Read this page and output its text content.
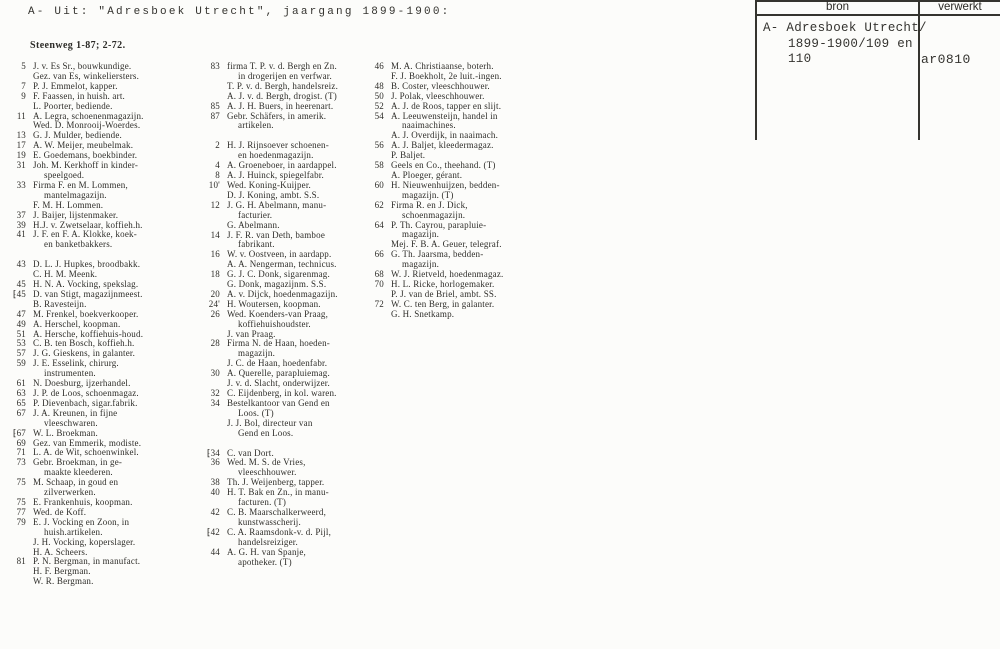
A- Uit: "Adresboek Utrecht", jaargang 1899-1900:
Steenweg 1-87; 2-72.
5 J. v. Es Sr., bouwkundige.
Gez. van Es, winkeliersters.
7 P. J. Emmelot, kapper.
9 F. Faassen, in huish. art.
L. Poorter, bediende.
11 A. Legra, schoenenmagazijn.
Wed. D. Monrooij-Woerdes.
13 G. J. Mulder, bediende.
17 A. W. Meijer, meubelmak.
19 E. Goedemans, boekbinder.
31 Joh. M. Kerkhoff in kinder-
speelgoed.
33 Firma F. en M. Lommen,
mantelmagazijn.
F. M. H. Lommen.
37 J. Baijer, lijstenmaker.
39 H.J. v. Zwetselaar, koffieh.h.
41 J. F. en F. A. Klokke, koek-
en banketbakkers.
43 D. L. J. Hupkes, broodbakk.
C. H. M. Meenk.
45 H. N. A. Vocking, spekslag.
⁅45 D. van Stigt, magazijnmeest.
B. Ravesteijn.
47 M. Frenkel, boekverkooper.
49 A. Herschel, koopman.
51 A. Hersche, koffiehuis-houd.
53 C. B. ten Bosch, koffieh.h.
57 J. G. Gieskens, in galanter.
59 J. E. Esselink, chirurg.
instrumenten.
61 N. Doesburg, ijzerhandel.
63 J. P. de Loos, schoenmagaz.
65 P. Dievenbach, sigar.fabrik.
67 J. A. Kreunen, in fijne
vleeschwaren.
⁅67 W. L. Broekman.
69 Gez. van Emmerik, modiste.
71 L. A. de Wit, schoenwinkel.
73 Gebr. Broekman, in ge-
maakte kleederen.
75 M. Schaap, in goud en
zilverwerken.
75 E. Frankenhuis, koopman.
77 Wed. de Koff.
79 E. J. Vocking en Zoon, in
huish.artikelen.
J. H. Vocking, koperslager.
H. A. Scheers.
81 P. N. Bergman, in manufact.
H. F. Bergman.
W. R. Bergman.
83 firma T. P. v. d. Bergh en Zn.
in drogerijen en verfwar.
T. P. v. d. Bergh, handelsreiz.
A. J. v. d. Bergh, drogist. (T)
85 A. J. H. Buers, in heerenart.
87 Gebr. Schäfers, in amerik.
artikelen.
2 H. J. Rijnsoever schoenen-
en hoedenmagazijn.
4 A. Groeneboer, in aardappel.
8 A. J. Huinck, spiegelfabr.
10' Wed. Koning-Kuijper.
D. J. Koning, ambt. S.S.
12 J. G. H. Abelmann, manu-
facturier.
G. Abelmann.
14 J. F. R. van Deth, bamboe
fabrikant.
16 W. v. Oostveen, in aardapp.
A. A. Nengerman, technicus.
18 G. J. C. Donk, sigarenmag.
G. Donk, magazijnm. S.S.
20 A. v. Dijck, hoedenmagazijn.
24' H. Woutersen, koopman.
26 Wed. Koenders-van Praag,
koffiehuishoudster.
J. van Praag.
28 Firma N. de Haan, hoeden-
magazijn.
J. C. de Haan, hoedenfabr.
30 A. Querelle, parapluiemag.
J. v. d. Slacht, onderwijzer.
32 C. Eijdenberg, in kol. waren.
34 Bestelkantoor van Gend en
Loos. (T)
J. J. Bol, directeur van
Gend en Loos.
⁅34 C. van Dort.
36 Wed. M. S. de Vries,
vleeschhouwer.
38 Th. J. Weijenberg, tapper.
40 H. T. Bak en Zn., in manu-
facturen. (T)
42 C. B. Maarschalkerweerd,
kunstwasscherij.
⁅42 C. A. Raamsdonk-v. d. Pijl,
handelsreiziger.
44 A. G. H. van Spanje,
apotheker. (T)
46 M. A. Christiaanse, boterh.
F. J. Boekholt, 2e luit.-ingen.
48 B. Coster, vleeschhouwer.
50 J. Polak, vleeschhouwer.
52 A. J. de Roos, tapper en slijt.
54 A. Leeuwensteijn, handel in
naaimachines.
A. J. Overdijk, in naaimach.
56 A. J. Baljet, kleedermagaz.
P. Baljet.
58 Geels en Co., theehand. (T)
A. Ploeger, gérant.
60 H. Nieuwenhuijzen, bedden-
magazijn. (T)
62 Firma R. en J. Dick,
schoenmagazijn.
64 P. Th. Cayrou, parapluie-
magazijn.
Mej. F. B. A. Geuer, telegraf.
66 G. Th. Jaarsma, bedden-
magazijn.
68 W. J. Rietveld, hoedenmagaz.
70 H. L. Ricke, horlogemaker.
P. J. van de Briel, ambt. SS.
72 W. C. ten Berg, in galanter.
G. H. Snetkamp.
bron	verwerkt
A- Adresboek Utrecht/
1899-1900/109 en
110	ar0810
